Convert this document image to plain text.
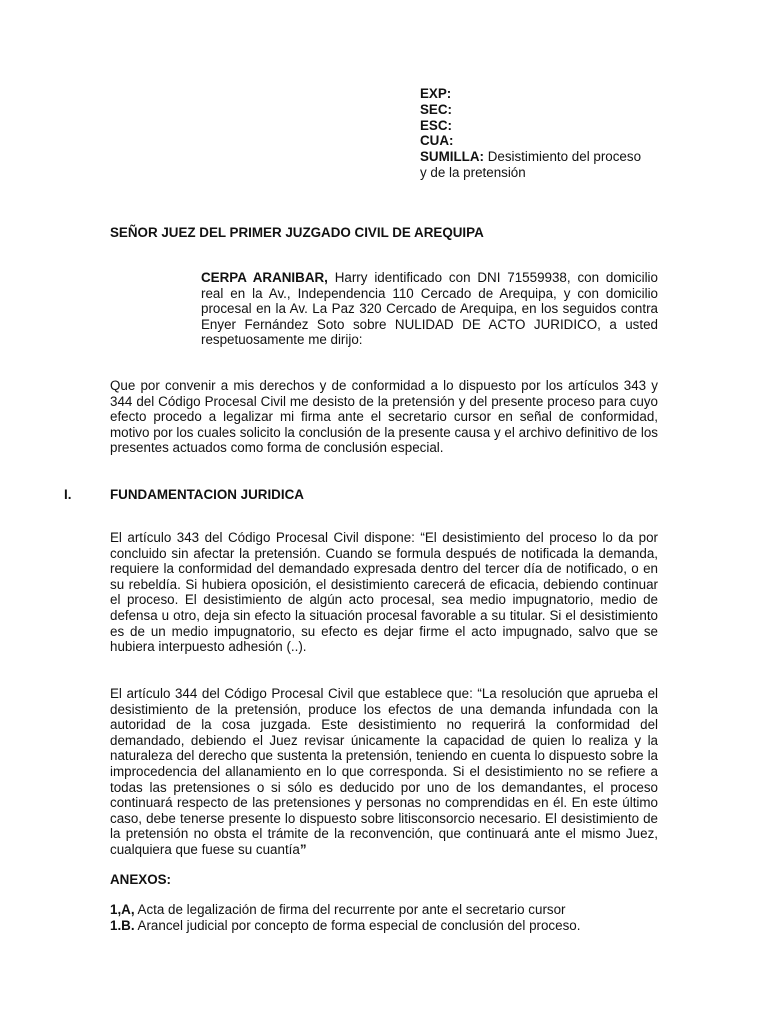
EXP:
SEC:
ESC:
CUA:
SUMILLA: Desistimiento del proceso
y de la pretensión
SEÑOR JUEZ DEL PRIMER JUZGADO CIVIL DE AREQUIPA

CERPA ARANIBAR, Harry identificado con DNI 71559938, con domicilio real en la Av., Independencia 110 Cercado de Arequipa, y con domicilio procesal en la Av. La Paz 320 Cercado de Arequipa, en los seguidos contra Enyer Fernández Soto sobre NULIDAD DE ACTO JURIDICO, a usted respetuosamente me dirijo:

Que por convenir a mis derechos y de conformidad a lo dispuesto por los artículos 343 y 344 del Código Procesal Civil me desisto de la pretensión y del presente proceso para cuyo efecto procedo a legalizar mi firma ante el secretario cursor en señal de conformidad, motivo por los cuales solicito la conclusión de la presente causa y el archivo definitivo de los presentes actuados como forma de conclusión especial.

I.	FUNDAMENTACION JURIDICA

El artículo 343 del Código Procesal Civil dispone: “El desistimiento del proceso lo da por concluido sin afectar la pretensión. Cuando se formula después de notificada la demanda, requiere la conformidad del demandado expresada dentro del tercer día de notificado, o en su rebeldía. Si hubiera oposición, el desistimiento carecerá de eficacia, debiendo continuar el proceso. El desistimiento de algún acto procesal, sea medio impugnatorio, medio de defensa u otro, deja sin efecto la situación procesal favorable a su titular. Si el desistimiento es de un medio impugnatorio, su efecto es dejar firme el acto impugnado, salvo que se hubiera interpuesto adhesión (..).

El artículo 344 del Código Procesal Civil que establece que: “La resolución que aprueba el desistimiento de la pretensión, produce los efectos de una demanda infundada con la autoridad de la cosa juzgada. Este desistimiento no requerirá la conformidad del demandado, debiendo el Juez revisar únicamente la capacidad de quien lo realiza y la naturaleza del derecho que sustenta la pretensión, teniendo en cuenta lo dispuesto sobre la improcedencia del allanamiento en lo que corresponda. Si el desistimiento no se refiere a todas las pretensiones o si sólo es deducido por uno de los demandantes, el proceso continuará respecto de las pretensiones y personas no comprendidas en él. En este último caso, debe tenerse presente lo dispuesto sobre litisconsorcio necesario. El desistimiento de la pretensión no obsta el trámite de la reconvención, que continuará ante el mismo Juez, cualquiera que fuese su cuantía”

ANEXOS:
1,A, Acta de legalización de firma del recurrente por ante el secretario cursor
1.B. Arancel judicial por concepto de forma especial de conclusión del proceso.
